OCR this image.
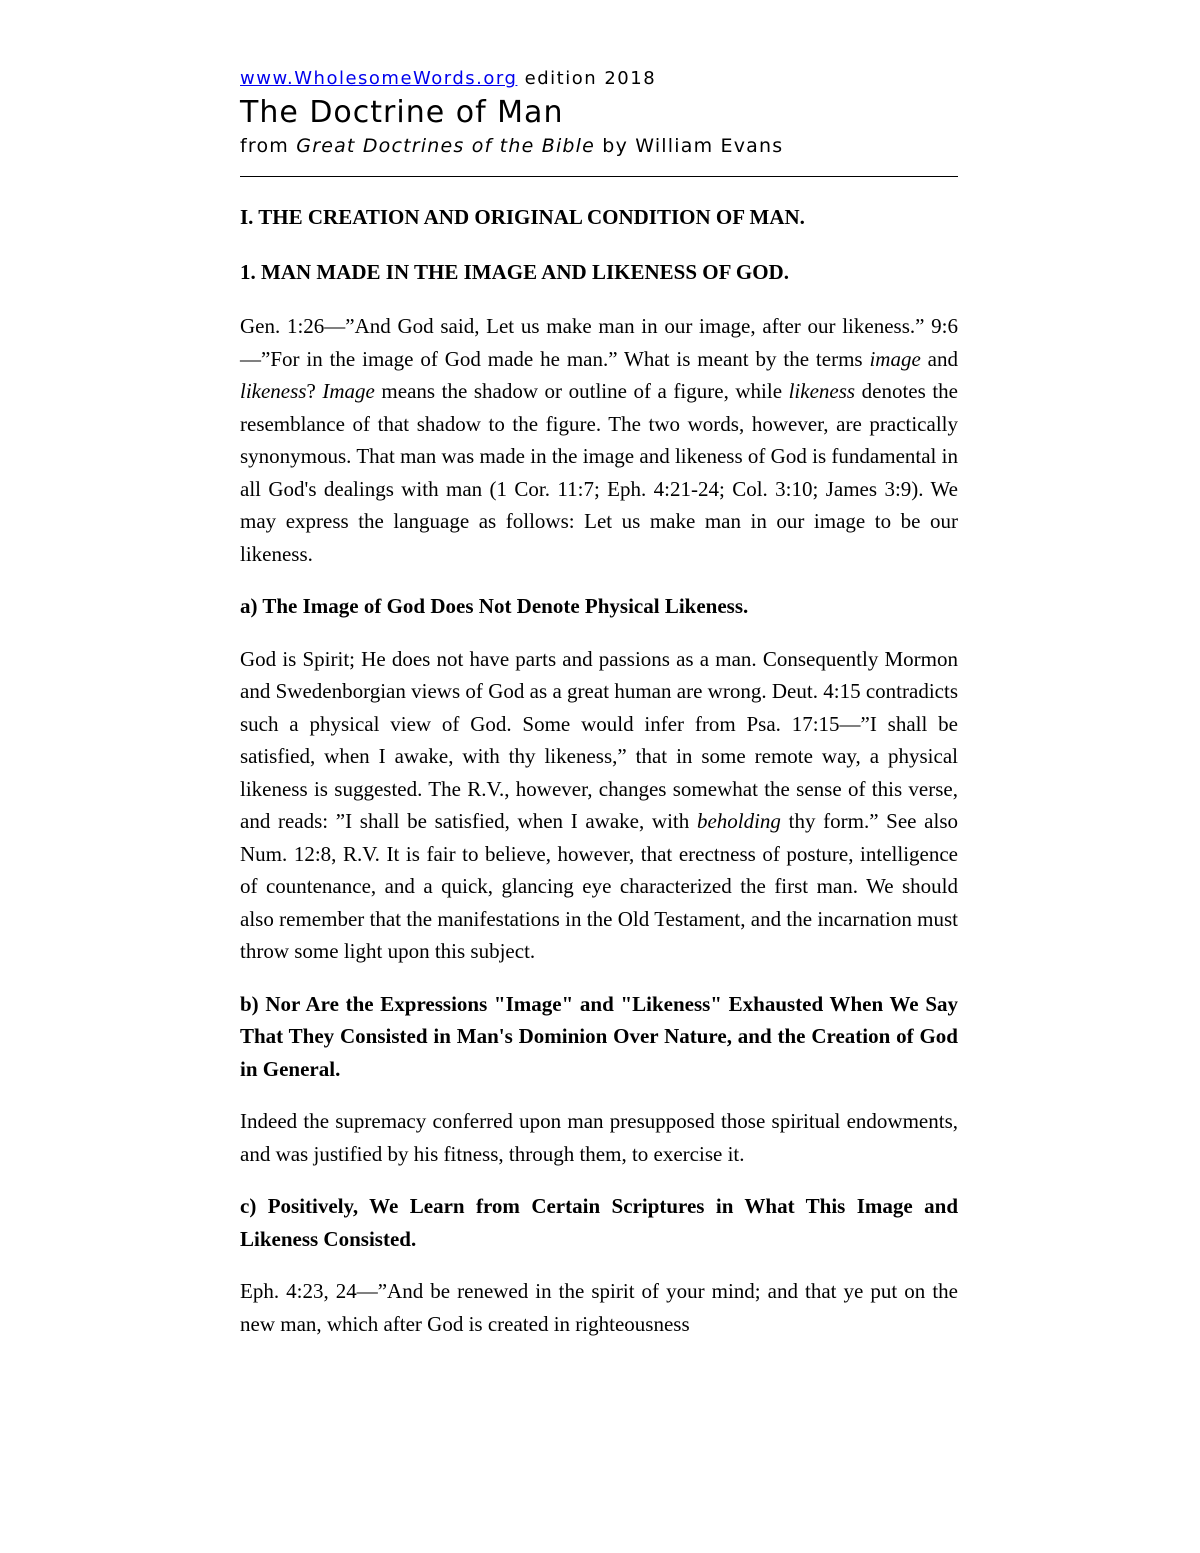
www.WholesomeWords.org edition 2018
The Doctrine of Man
from Great Doctrines of the Bible by William Evans

I. THE CREATION AND ORIGINAL CONDITION OF MAN.

1. MAN MADE IN THE IMAGE AND LIKENESS OF GOD.

Gen. 1:26—”And God said, Let us make man in our image, after our likeness.” 9:6—”For in the image of God made he man.” What is meant by the terms image and likeness? Image means the shadow or outline of a figure, while likeness denotes the resemblance of that shadow to the figure. The two words, however, are practically synonymous. That man was made in the image and likeness of God is fundamental in all God's dealings with man (1 Cor. 11:7; Eph. 4:21-24; Col. 3:10; James 3:9). We may express the language as follows: Let us make man in our image to be our likeness.

a) The Image of God Does Not Denote Physical Likeness.

God is Spirit; He does not have parts and passions as a man. Consequently Mormon and Swedenborgian views of God as a great human are wrong. Deut. 4:15 contradicts such a physical view of God. Some would infer from Psa. 17:15—”I shall be satisfied, when I awake, with thy likeness,” that in some remote way, a physical likeness is suggested. The R.V., however, changes somewhat the sense of this verse, and reads: ”I shall be satisfied, when I awake, with beholding thy form.” See also Num. 12:8, R.V. It is fair to believe, however, that erectness of posture, intelligence of countenance, and a quick, glancing eye characterized the first man. We should also remember that the manifestations in the Old Testament, and the incarnation must throw some light upon this subject.

b) Nor Are the Expressions "Image" and "Likeness" Exhausted When We Say That They Consisted in Man's Dominion Over Nature, and the Creation of God in General.

Indeed the supremacy conferred upon man presupposed those spiritual endowments, and was justified by his fitness, through them, to exercise it.

c) Positively, We Learn from Certain Scriptures in What This Image and Likeness Consisted.

Eph. 4:23, 24—”And be renewed in the spirit of your mind; and that ye put on the new man, which after God is created in righteousness
